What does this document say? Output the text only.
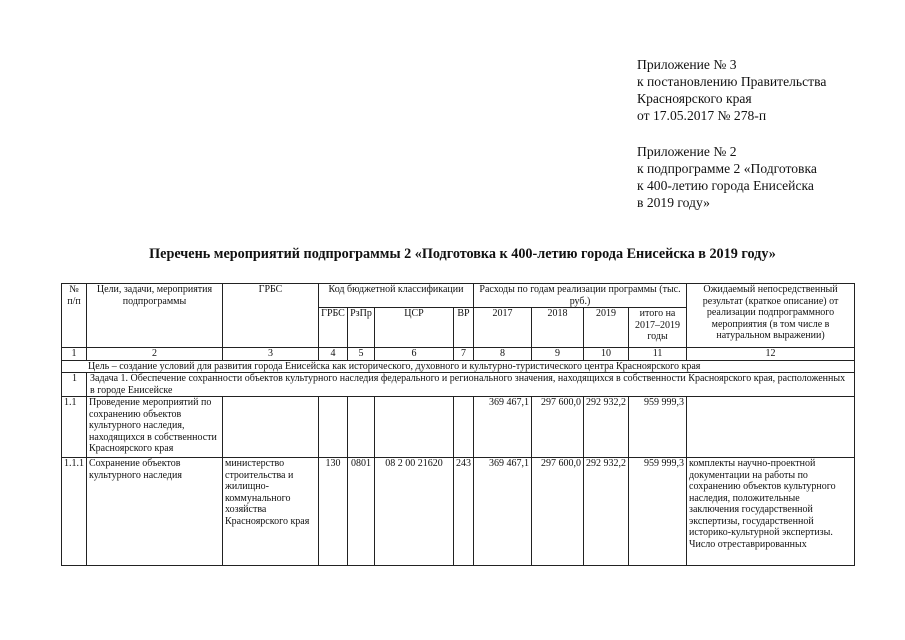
Приложение № 3
к постановлению Правительства
Красноярского края
от 17.05.2017 № 278-п
Приложение № 2
к подпрограмме 2 «Подготовка
к 400-летию города Енисейска
в 2019 году»
Перечень мероприятий подпрограммы 2 «Подготовка к 400-летию города Енисейска в 2019 году»
№ п/п	Цели, задачи, мероприятия подпрограммы	ГРБС	Код бюджетной классификации				Расходы по годам реализации программы (тыс. руб.)				Ожидаемый непосредственный результат (краткое описание) от реализации подпрограммного мероприятия (в том числе в натуральном выражении)
			ГРБС	РзПр	ЦСР	ВР	2017	2018	2019	итого на 2017–2019 годы	
1	2	3	4	5	6	7	8	9	10	11	12
Цель – создание условий для развития города Енисейска как исторического, духовного и культурно-туристического центра Красноярского края											
1	Задача 1. Обеспечение сохранности объектов культурного наследия федерального и регионального значения, находящихся в собственности Красноярского края, расположенных в городе Енисейске										
1.1	Проведение мероприятий по сохранению объектов культурного наследия, находящихся в собственности Красноярского края						369 467,1	297 600,0	292 932,2	959 999,3	
1.1.1	Сохранение объектов культурного наследия	министерство строительства и жилищно-коммунального хозяйства Красноярского края	130	0801	08 2 00 21620	243	369 467,1	297 600,0	292 932,2	959 999,3	комплекты научно-проектной документации на работы по сохранению объектов культурного наследия, положительные заключения государственной экспертизы, государственной историко-культурной экспертизы. Число отреставрированных
